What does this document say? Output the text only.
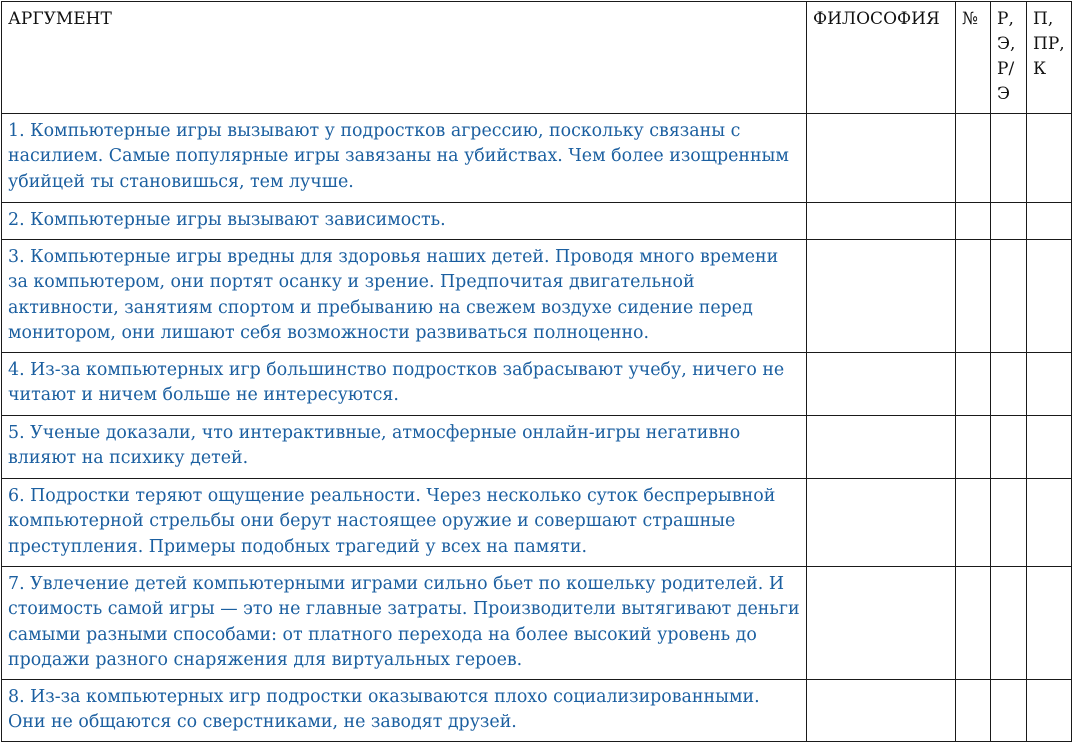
АРГУМЕНТ	ФИЛОСОФИЯ	№	Р, Э, Р/ Э	П, ПР, К
1. Компьютерные игры вызывают у подростков агрессию, поскольку связаны с насилием. Самые популярные игры завязаны на убийствах. Чем более изощренным убийцей ты становишься, тем лучше.				
2. Компьютерные игры вызывают зависимость.				
3. Компьютерные игры вредны для здоровья наших детей. Проводя много времени за компьютером, они портят осанку и зрение. Предпочитая двигательной активности, занятиям спортом и пребыванию на свежем воздухе сидение перед монитором, они лишают себя возможности развиваться полноценно.				
4. Из-за компьютерных игр большинство подростков забрасывают учебу, ничего не читают и ничем больше не интересуются.				
5. Ученые доказали, что интерактивные, атмосферные онлайн-игры негативно влияют на психику детей.				
6. Подростки теряют ощущение реальности. Через несколько суток беспрерывной компьютерной стрельбы они берут настоящее оружие и совершают страшные преступления. Примеры подобных трагедий у всех на памяти.				
7. Увлечение детей компьютерными играми сильно бьет по кошельку родителей. И стоимость самой игры — это не главные затраты. Производители вытягивают деньги самыми разными способами: от платного перехода на более высокий уровень до продажи разного снаряжения для виртуальных героев.				
8. Из-за компьютерных игр подростки оказываются плохо социализированными. Они не общаются со сверстниками, не заводят друзей.				
